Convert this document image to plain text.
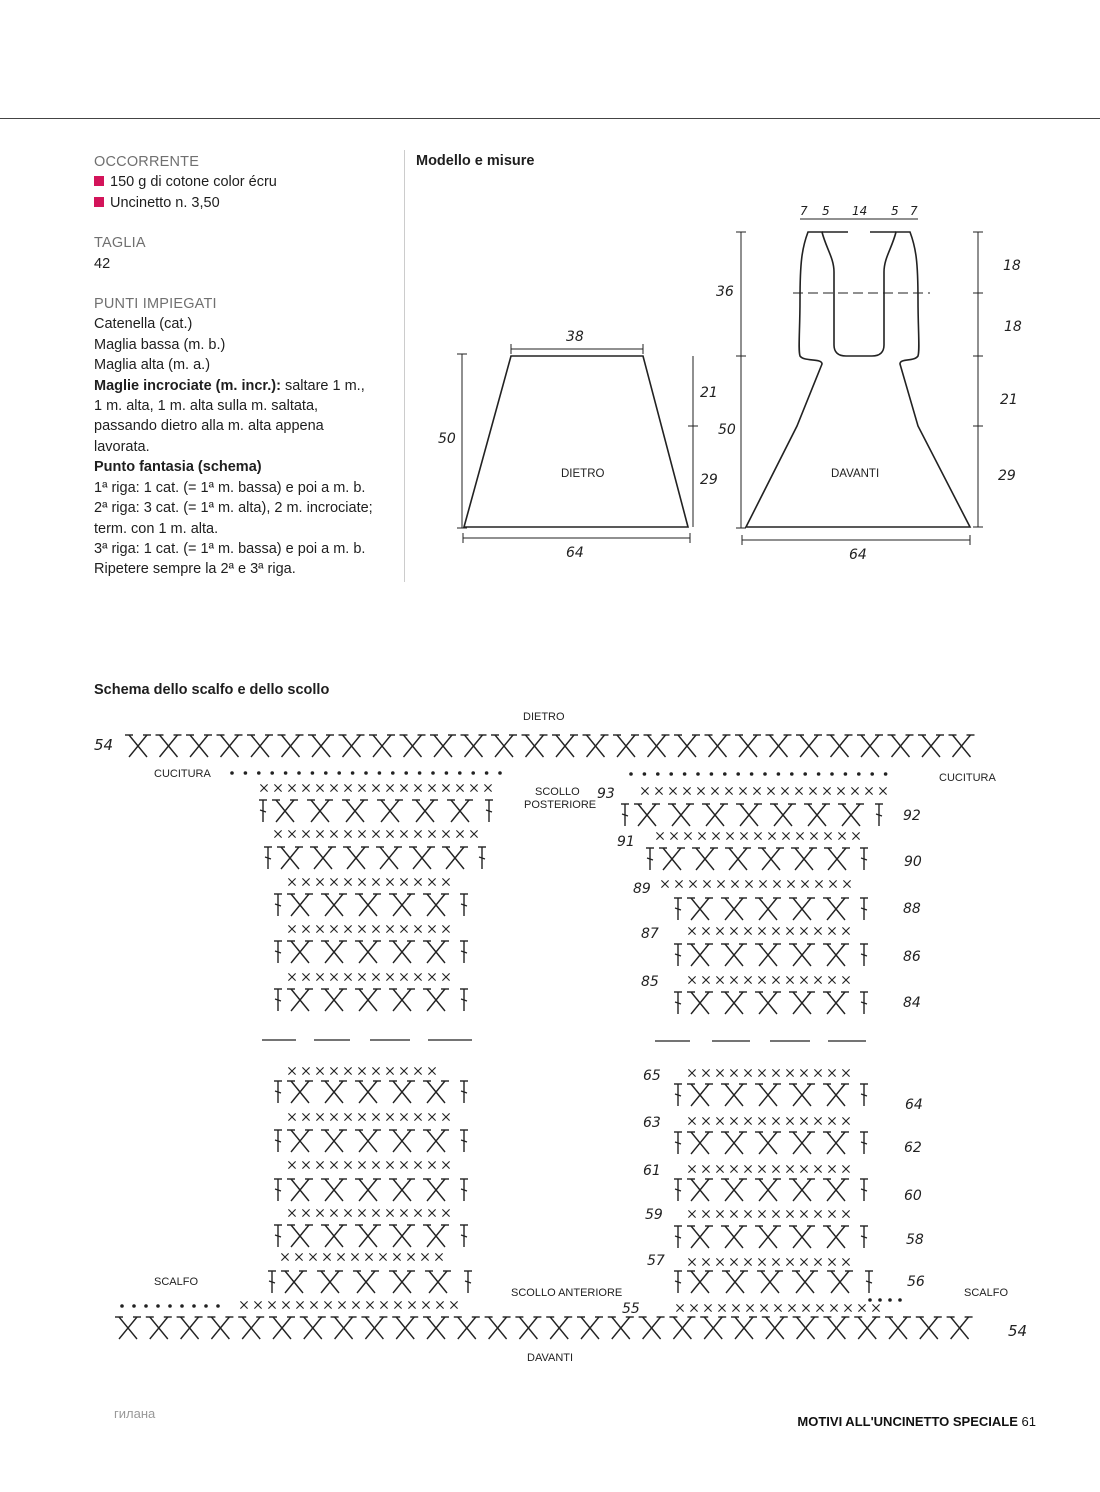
OCCORRENTE
150 g di cotone color écru
Uncinetto n. 3,50
TAGLIA
42
PUNTI IMPIEGATI
Catenella (cat.)
Maglia bassa (m. b.)
Maglia alta (m. a.)
Maglie incrociate (m. incr.): saltare 1 m.,
1 m. alta, 1 m. alta sulla m. saltata,
passando dietro alla m. alta appena
lavorata.
Punto fantasia (schema)
1ª riga: 1 cat. (= 1ª m. bassa) e poi a m. b.
2ª riga: 3 cat. (= 1ª m. alta), 2 m. incrociate;
term. con 1 m. alta.
3ª riga: 1 cat. (= 1ª m. bassa) e poi a m. b.
Ripetere sempre la 2ª e 3ª riga.
Modello e misure
Schema dello scalfo e dello scollo
38
50
21
29
64
DIETRO
7 5 14 5 7
36
50
18
18
21
29
64
DAVANTI
DIETRO
DAVANTI
CUCITURA	CUCITURA
SCOLLO
POSTERIORE
SCOLLO ANTERIORE
SCALFO
SCALFO
54
54
93
91
89
87
85
65
63
61
59
57
55
92
90
88
86
84
64
62
60
58
56
гилана
MOTIVI ALL'UNCINETTO SPECIALE 61
